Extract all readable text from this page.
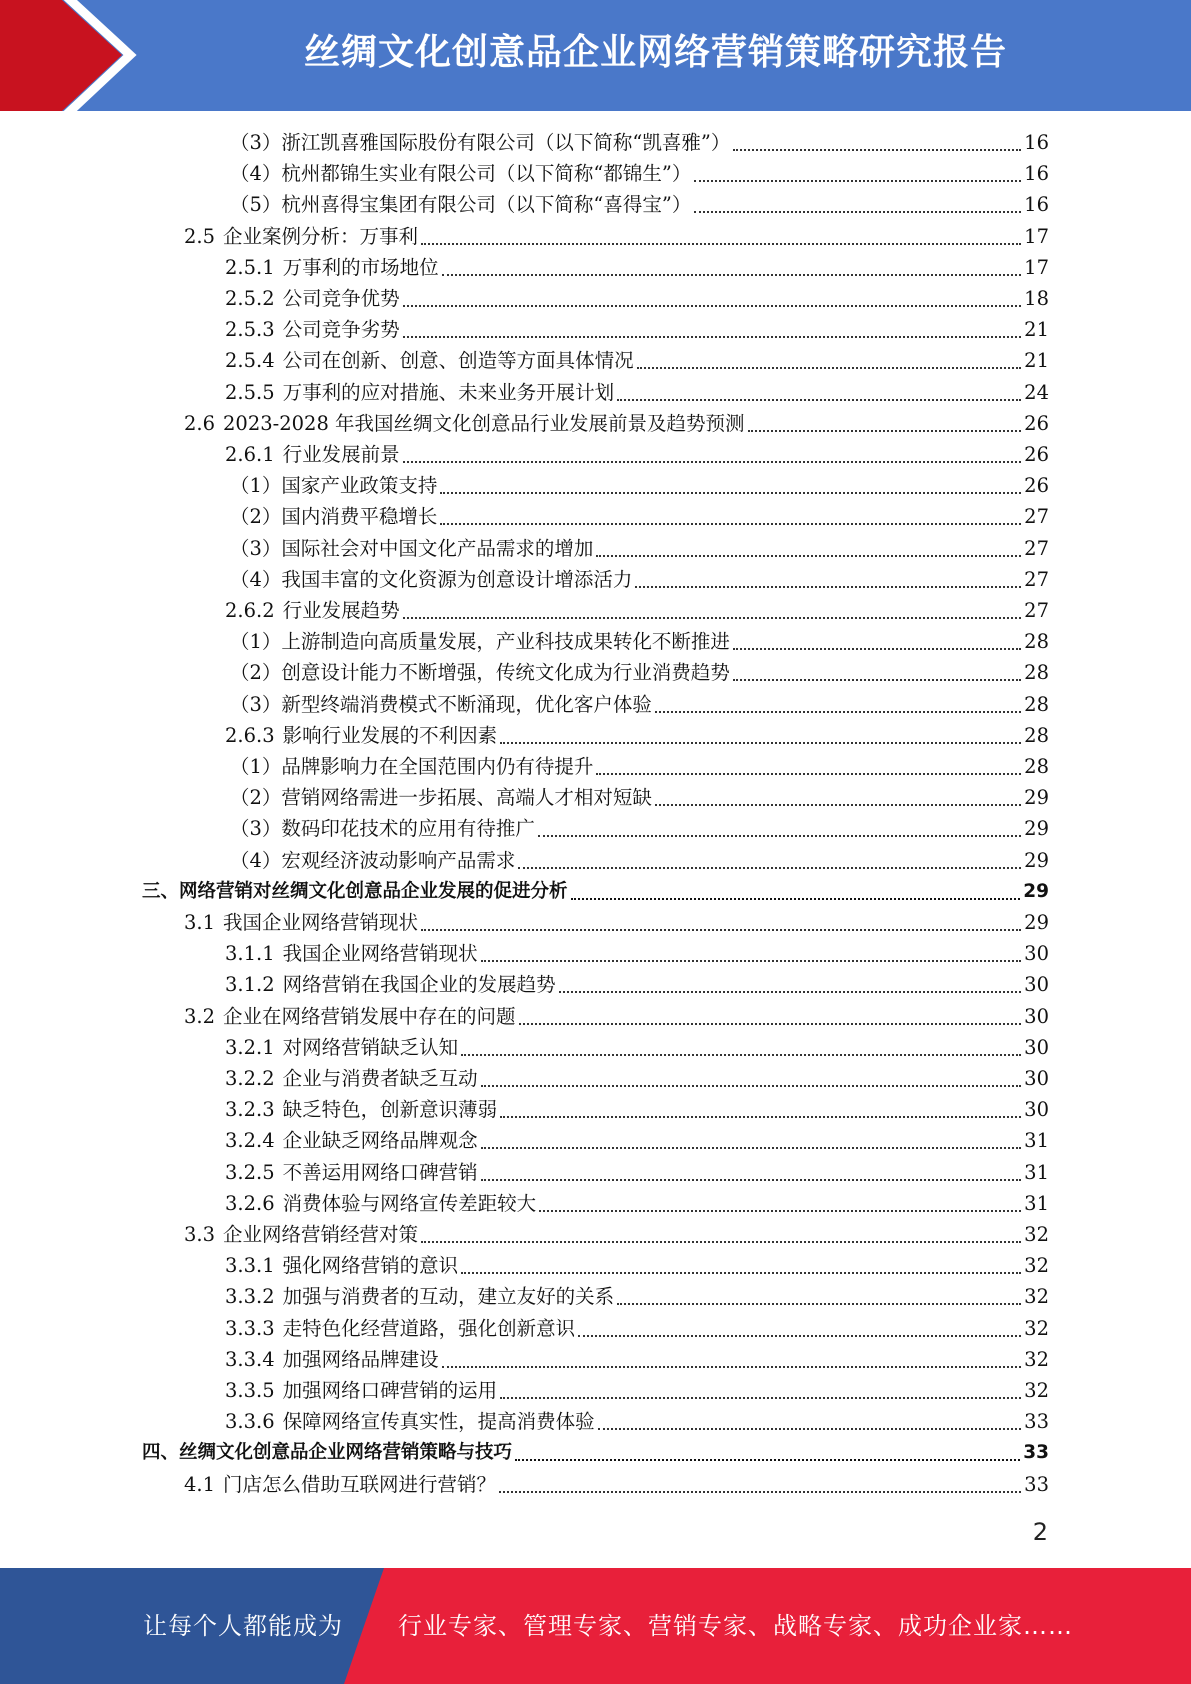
丝绸文化创意品企业网络营销策略研究报告
（3） 浙江凯喜雅国际股份有限公司（以下简称“凯喜雅”）	16
（4） 杭州都锦生实业有限公司（以下简称“都锦生”）	16
（5） 杭州喜得宝集团有限公司（以下简称“喜得宝”）	16
2.5 企业案例分析：万事利	17
2.5.1 万事利的市场地位	17
2.5.2 公司竞争优势	18
2.5.3 公司竞争劣势	21
2.5.4 公司在创新、创意、创造等方面具体情况	21
2.5.5 万事利的应对措施、未来业务开展计划	24
2.6 2023-2028 年我国丝绸文化创意品行业发展前景及趋势预测	26
2.6.1 行业发展前景	26
（1） 国家产业政策支持	26
（2） 国内消费平稳增长	27
（3） 国际社会对中国文化产品需求的增加	27
（4） 我国丰富的文化资源为创意设计增添活力	27
2.6.2 行业发展趋势	27
（1） 上游制造向高质量发展，产业科技成果转化不断推进	28
（2） 创意设计能力不断增强，传统文化成为行业消费趋势	28
（3） 新型终端消费模式不断涌现，优化客户体验	28
2.6.3 影响行业发展的不利因素	28
（1） 品牌影响力在全国范围内仍有待提升	28
（2） 营销网络需进一步拓展、高端人才相对短缺	29
（3） 数码印花技术的应用有待推广	29
（4） 宏观经济波动影响产品需求	29
三、 网络营销对丝绸文化创意品企业发展的促进分析	29
3.1 我国企业网络营销现状	29
3.1.1 我国企业网络营销现状	30
3.1.2 网络营销在我国企业的发展趋势	30
3.2 企业在网络营销发展中存在的问题	30
3.2.1 对网络营销缺乏认知	30
3.2.2 企业与消费者缺乏互动	30
3.2.3 缺乏特色，创新意识薄弱	30
3.2.4 企业缺乏网络品牌观念	31
3.2.5 不善运用网络口碑营销	31
3.2.6 消费体验与网络宣传差距较大	31
3.3 企业网络营销经营对策	32
3.3.1 强化网络营销的意识	32
3.3.2 加强与消费者的互动，建立友好的关系	32
3.3.3 走特色化经营道路，强化创新意识	32
3.3.4 加强网络品牌建设	32
3.3.5 加强网络口碑营销的运用	32
3.3.6 保障网络宣传真实性，提高消费体验	33
四、 丝绸文化创意品企业网络营销策略与技巧	33
4.1 门店怎么借助互联网进行营销？	33
2
让每个人都能成为 行业专家、管理专家、营销专家、战略专家、成功企业家……
